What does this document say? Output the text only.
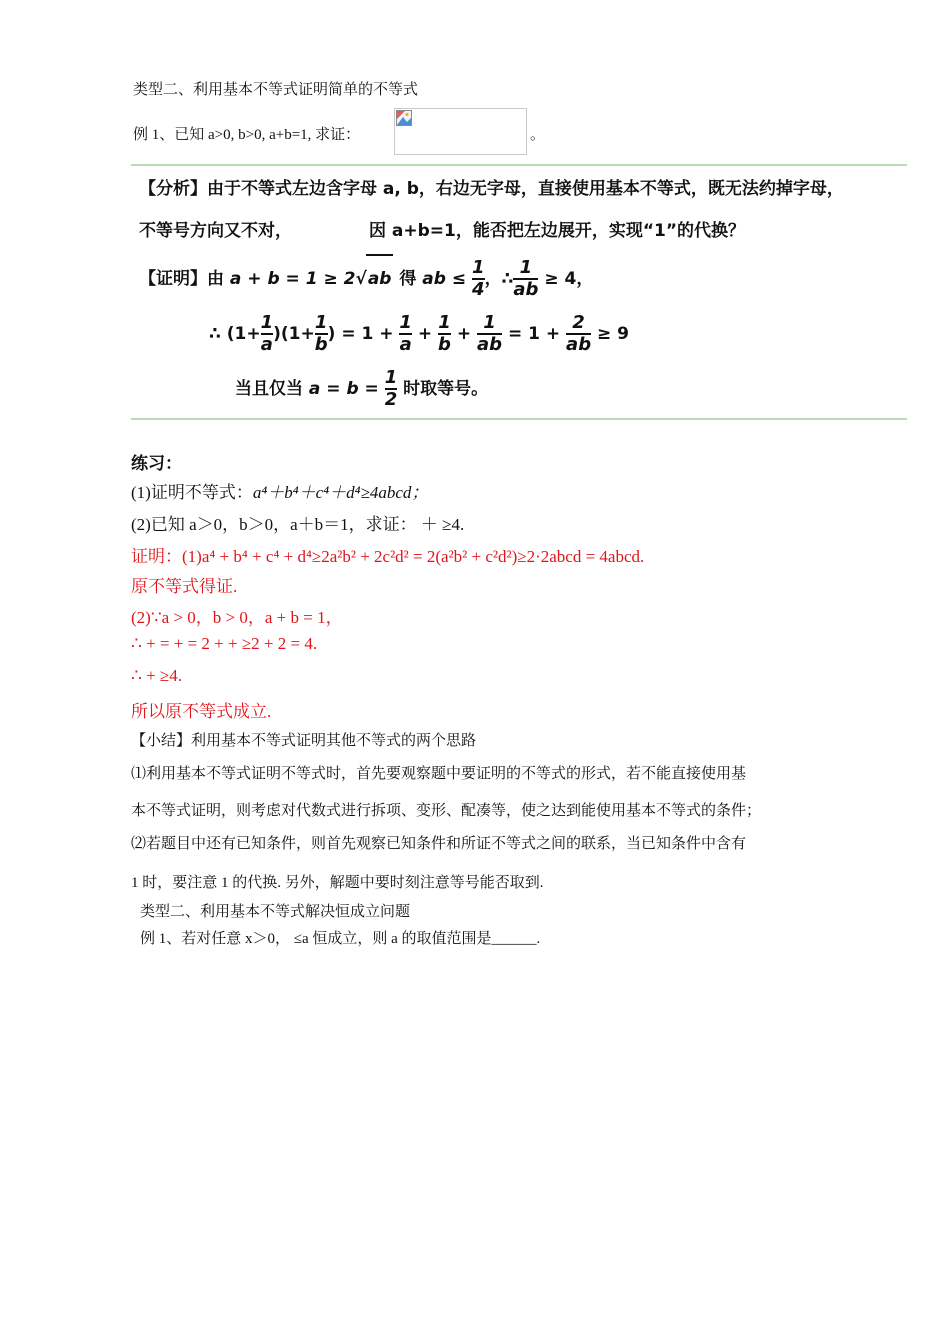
类型二、利用基本不等式证明简单的不等式
例 1、已知 a>0, b>0, a+b=1, 求证：	。
【分析】由于不等式左边含字母 a, b，右边无字母，直接使用基本不等式，既无法约掉字母，
不等号方向又不对，	因 a+b=1，能否把左边展开，实现“1”的代换？
【证明】由 a + b = 1 ≥ 2√ab 得 ab ≤ $\frac{1}{4}$ ，∴ $\frac{1}{ab} \ge 4$，
∴ $(1+ \frac{1}{a} )(1+ \frac{1}{b}$ ) = $1 + \frac{1}{a} + \frac{1}{b} + \frac{1}{ab} = 1 + \frac{2}{ab} \ge 9$
当且仅当 $a = b = \frac{1}{2}$ 时取等号。
练习：
(1)证明不等式：a⁴＋b⁴＋c⁴＋d⁴≥4abcd；
(2)已知 a＞0，b＞0，a＋b＝1，求证： ＋ ≥4.
证明：(1)a⁴ + b⁴ + c⁴ + d⁴≥2a²b² + 2c²d² = 2(a²b² + c²d²)≥2·2abcd = 4abcd.
原不等式得证.
(2)∵a > 0，b > 0，a + b = 1，
∴ + = + = 2 + + ≥2 + 2 = 4.
∴ + ≥4.
所以原不等式成立.
【小结】利用基本不等式证明其他不等式的两个思路
⑴利用基本不等式证明不等式时，首先要观察题中要证明的不等式的形式，若不能直接使用基
本不等式证明，则考虑对代数式进行拆项、变形、配凑等，使之达到能使用基本不等式的条件；
⑵若题目中还有已知条件，则首先观察已知条件和所证不等式之间的联系，当已知条件中含有
1 时，要注意 1 的代换. 另外，解题中要时刻注意等号能否取到.
类型二、利用基本不等式解决恒成立问题
例 1、若对任意 x＞0， ≤a 恒成立，则 a 的取值范围是______.
